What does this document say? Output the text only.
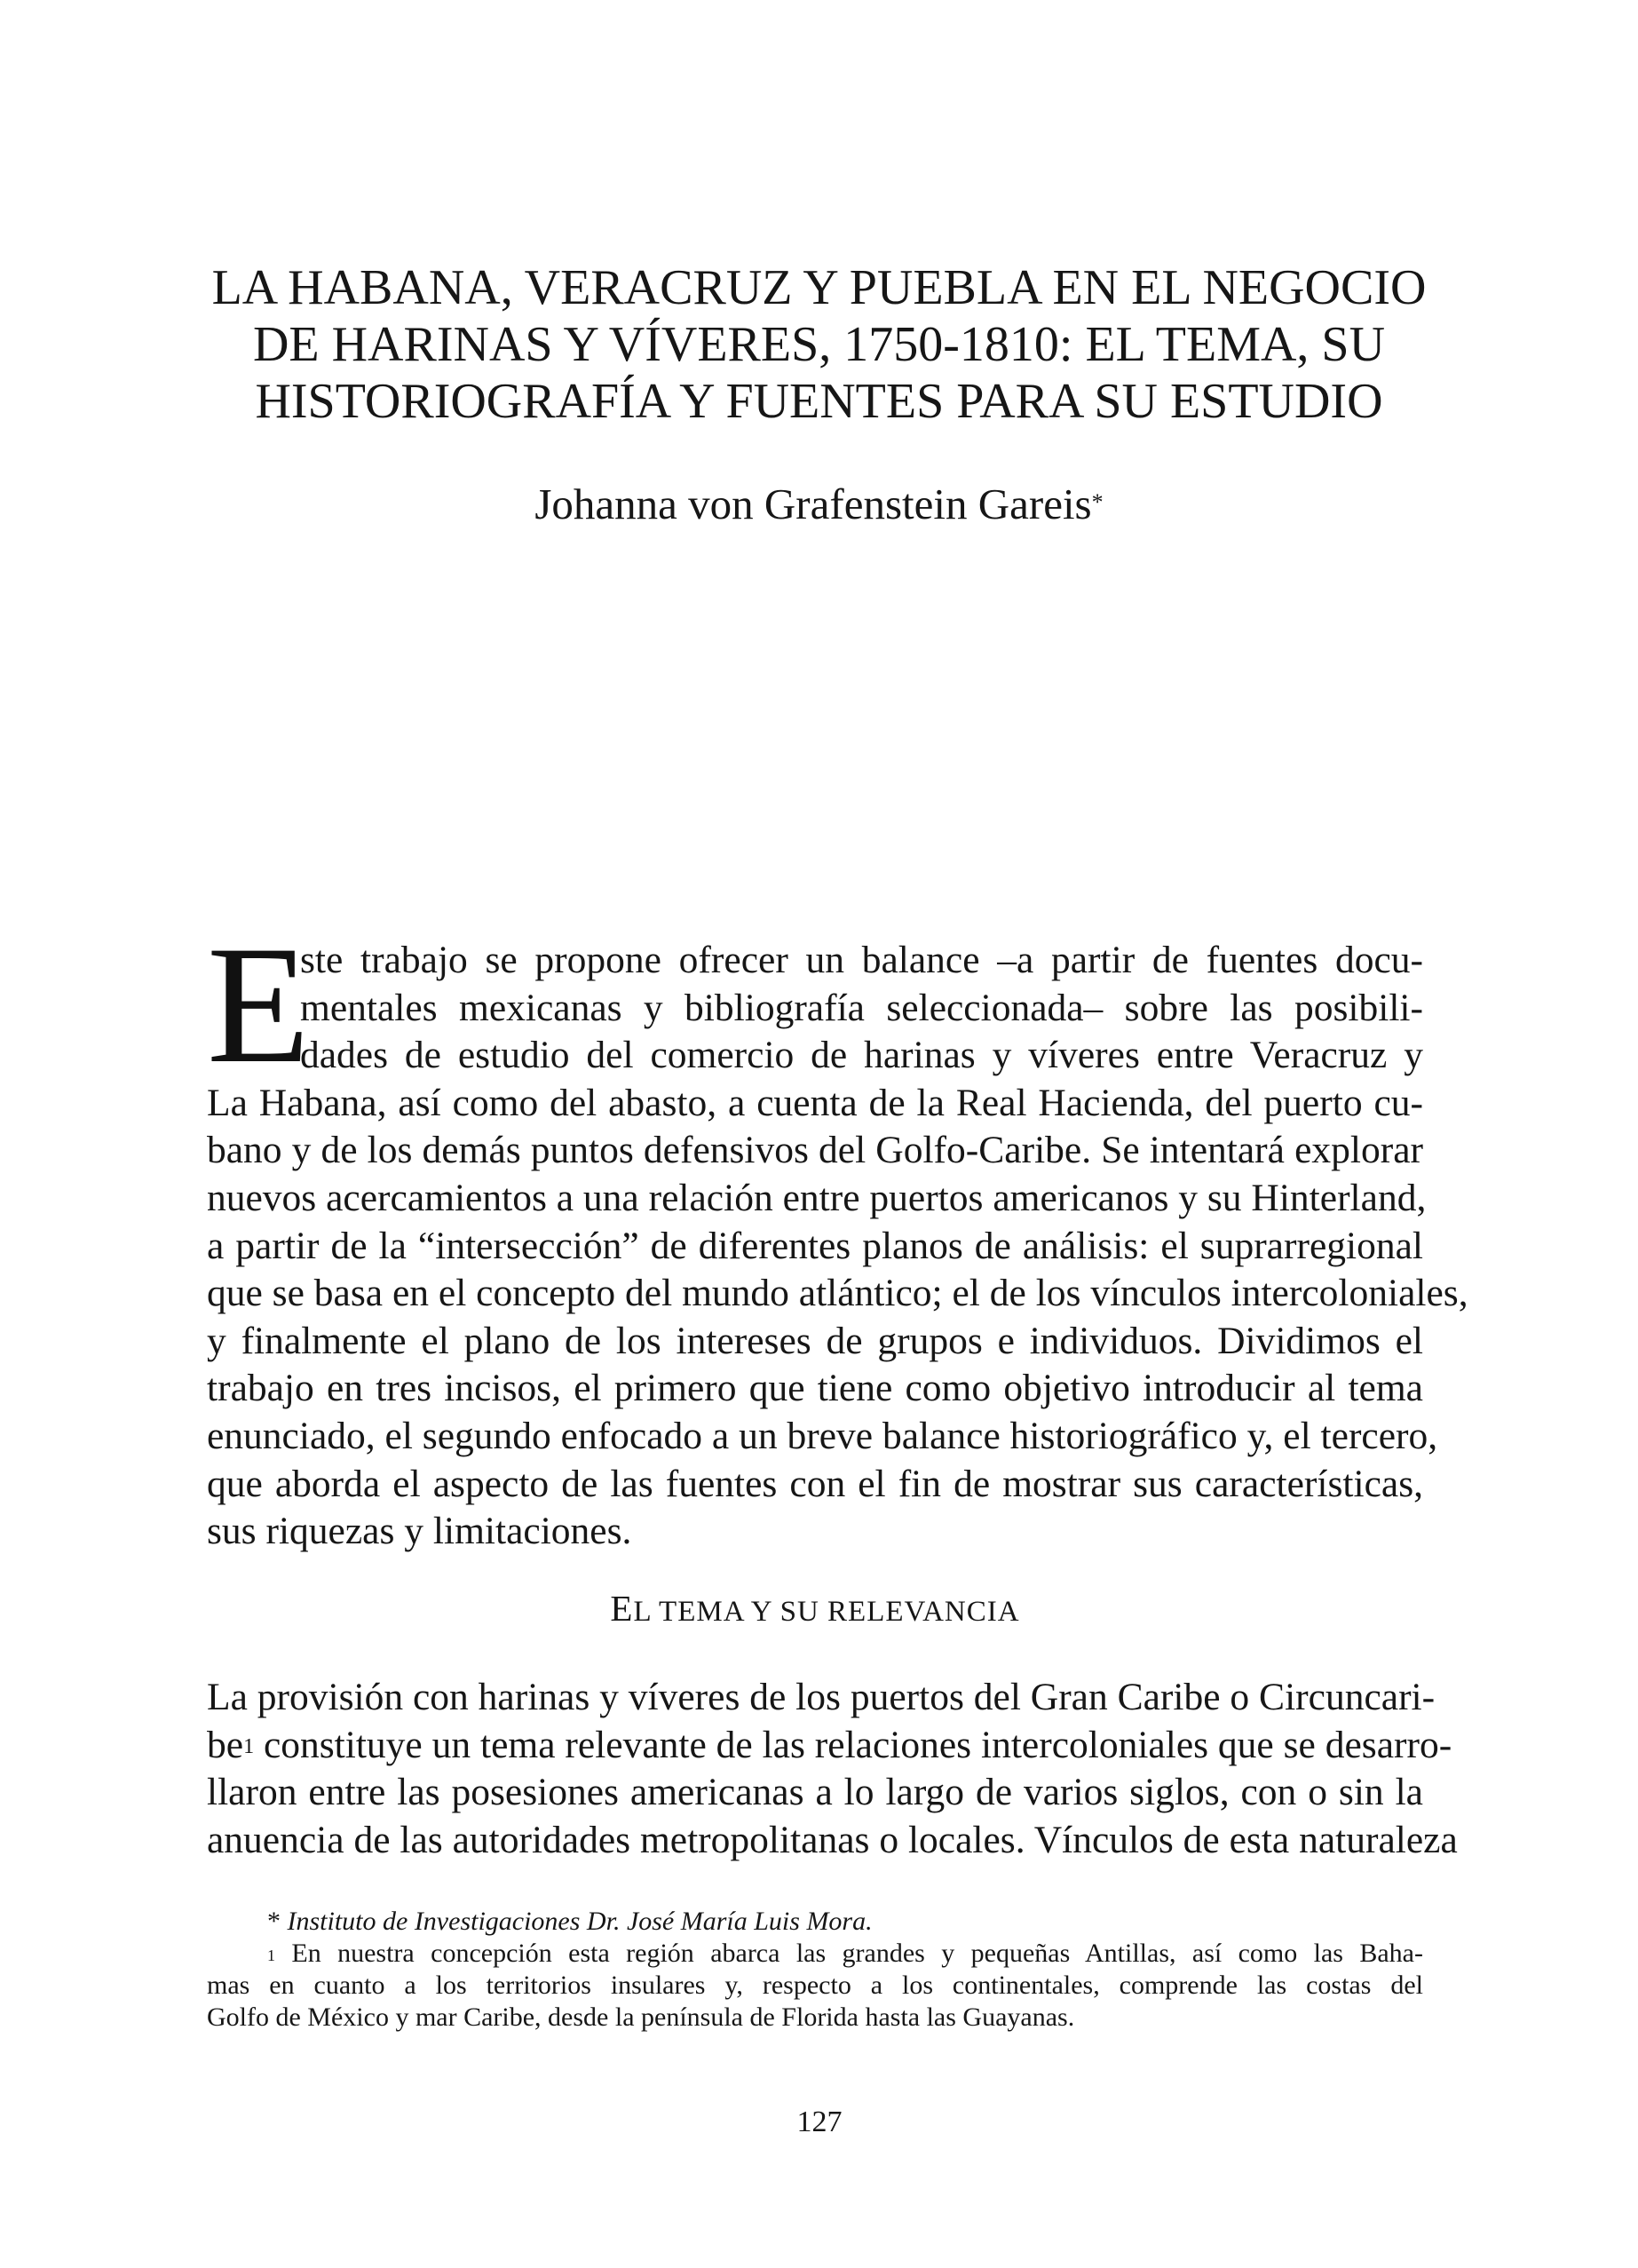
LA HABANA, VERACRUZ Y PUEBLA EN EL NEGOCIO
DE HARINAS Y VÍVERES, 1750-1810: EL TEMA, SU
HISTORIOGRAFÍA Y FUENTES PARA SU ESTUDIO
Johanna von Grafenstein Gareis*
E
ste trabajo se propone ofrecer un balance –a partir de fuentes docu-
mentales mexicanas y bibliografía seleccionada– sobre las posibili-
dades de estudio del comercio de harinas y víveres entre Veracruz y
La Habana, así como del abasto, a cuenta de la Real Hacienda, del puerto cu-
bano y de los demás puntos defensivos del Golfo-Caribe. Se intentará explorar
nuevos acercamientos a una relación entre puertos americanos y su Hinterland,
a partir de la “intersección” de diferentes planos de análisis: el suprarregional
que se basa en el concepto del mundo atlántico; el de los vínculos intercoloniales,
y finalmente el plano de los intereses de grupos e individuos. Dividimos el
trabajo en tres incisos, el primero que tiene como objetivo introducir al tema
enunciado, el segundo enfocado a un breve balance historiográfico y, el tercero,
que aborda el aspecto de las fuentes con el fin de mostrar sus características,
sus riquezas y limitaciones.
EL TEMA Y SU RELEVANCIA
La provisión con harinas y víveres de los puertos del Gran Caribe o Circuncari-
$be^1$ constituye un tema relevante de las relaciones intercoloniales que se desarro-
llaron entre las posesiones americanas a lo largo de varios siglos, con o sin la
anuencia de las autoridades metropolitanas o locales. Vínculos de esta naturaleza
* Instituto de Investigaciones Dr. José María Luis Mora.
$^1$ En nuestra concepción esta región abarca las grandes y pequeñas Antillas, así como las Baha-
mas en cuanto a los territorios insulares y, respecto a los continentales, comprende las costas del
Golfo de México y mar Caribe, desde la península de Florida hasta las Guayanas.
127
